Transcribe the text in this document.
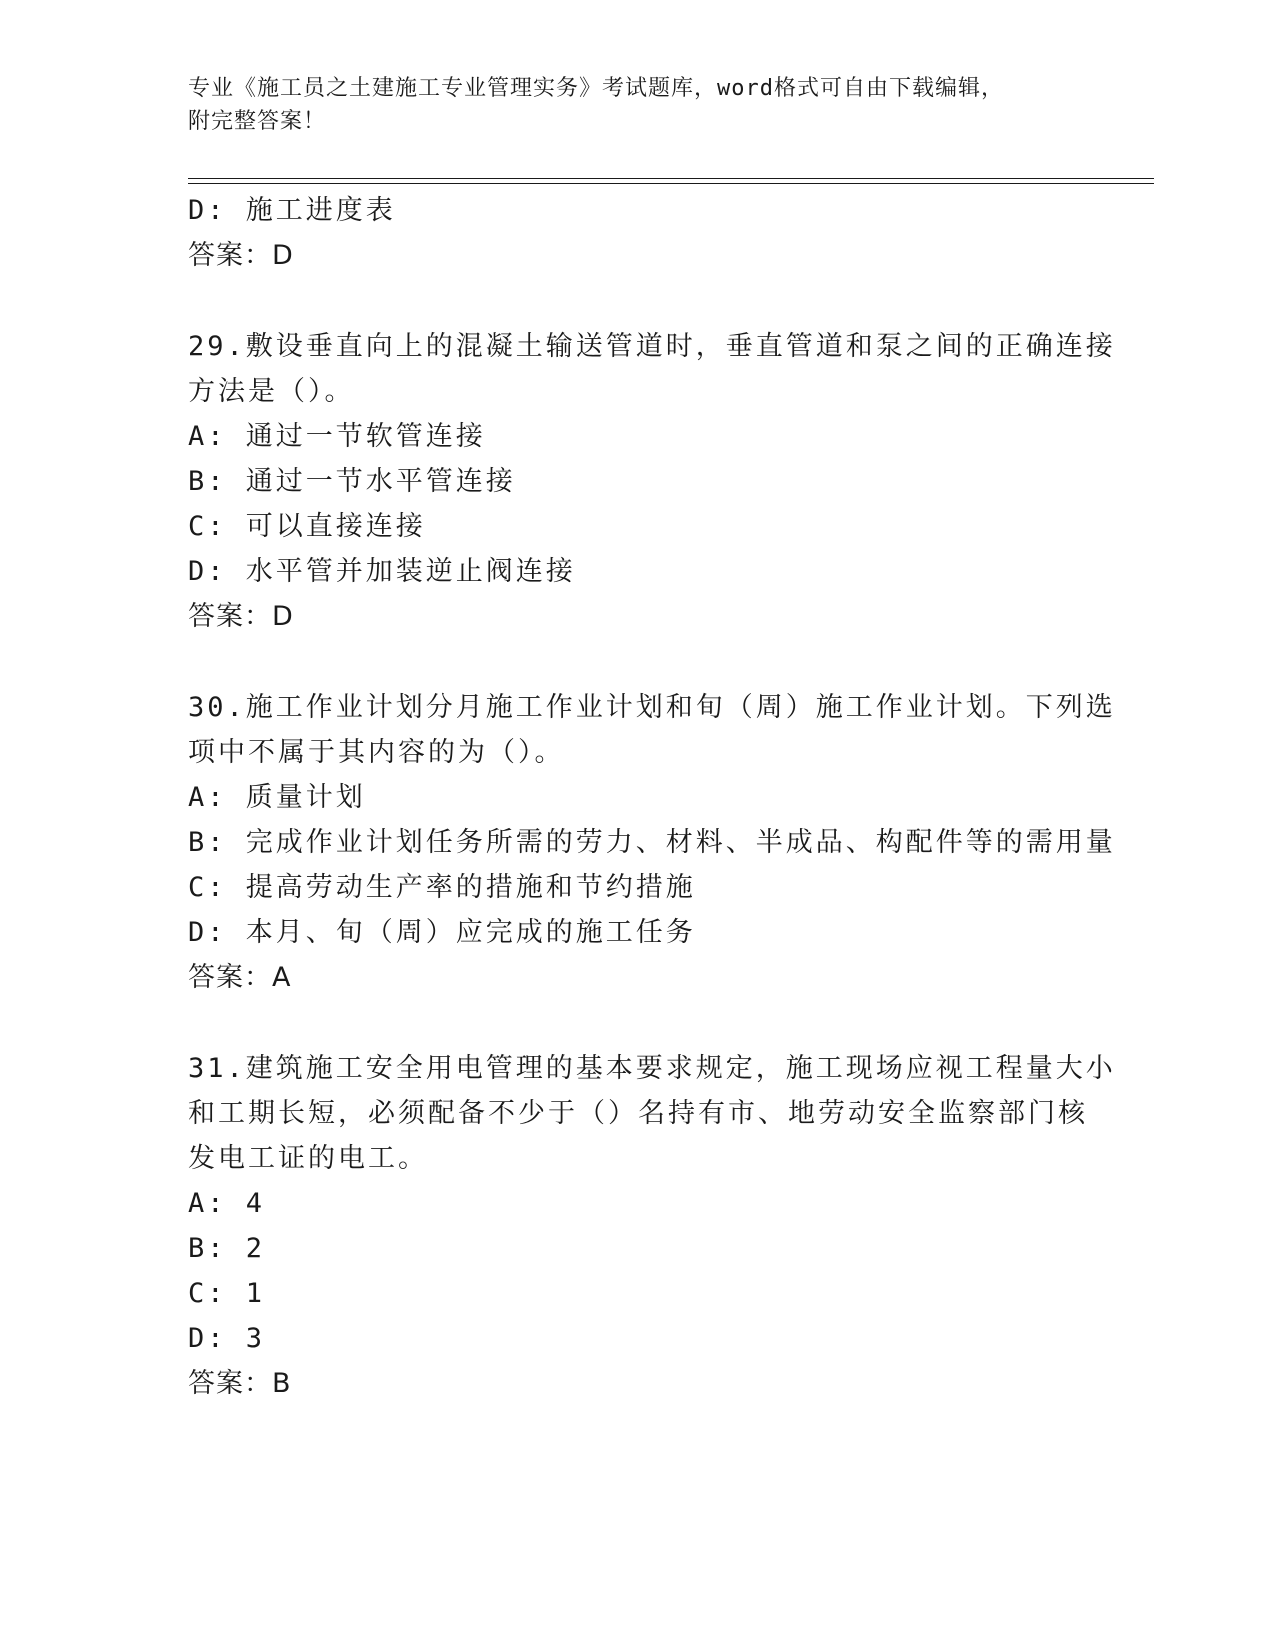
专业《施工员之土建施工专业管理实务》考试题库，word格式可自由下载编辑，
附完整答案！
D: 施工进度表
答案：D
29.敷设垂直向上的混凝土输送管道时，垂直管道和泵之间的正确连接
方法是（）。
A: 通过一节软管连接
B: 通过一节水平管连接
C: 可以直接连接
D: 水平管并加装逆止阀连接
答案：D
30.施工作业计划分月施工作业计划和旬（周）施工作业计划。下列选
项中不属于其内容的为（）。
A: 质量计划
B: 完成作业计划任务所需的劳力、材料、半成品、构配件等的需用量
C: 提高劳动生产率的措施和节约措施
D: 本月、旬（周）应完成的施工任务
答案：A
31.建筑施工安全用电管理的基本要求规定，施工现场应视工程量大小
和工期长短，必须配备不少于（）名持有市、地劳动安全监察部门核
发电工证的电工。
A: 4
B: 2
C: 1
D: 3
答案：B
